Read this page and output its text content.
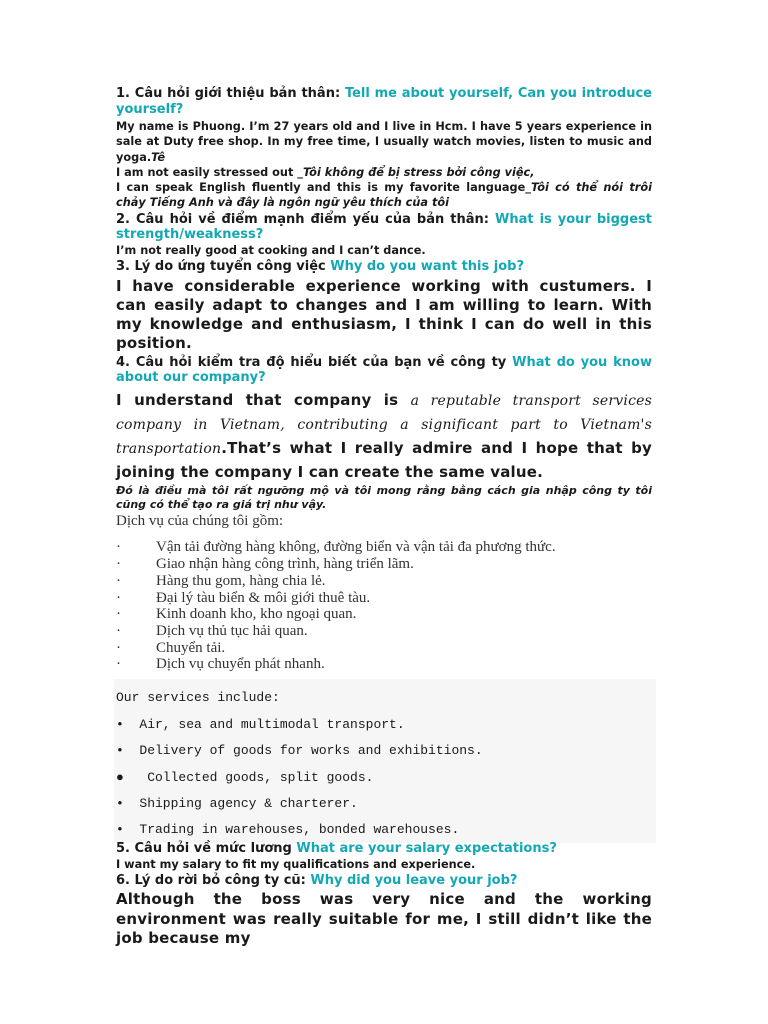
1. Câu hỏi giới thiệu bản thân: Tell me about yourself, Can you introduce yourself?

My name is Phuong. I’m 27 years old and I live in Hcm. I have 5 years experience in sale at Duty free shop. In my free time, I usually watch movies, listen to music and yoga.Tê

I am not easily stressed out _Tôi không để bị stress bởi công việc,

I can speak English fluently and this is my favorite language_Tôi có thể nói trôi chảy Tiếng Anh và đây là ngôn ngữ yêu thích của tôi

2. Câu hỏi về điểm mạnh điểm yếu của bản thân: What is your biggest strength/weakness?

I’m not really good at cooking and I can’t dance.

3. Lý do ứng tuyển công việc Why do you want this job?

I have considerable experience working with custumers. I can easily adapt to changes and I am willing to learn. With my knowledge and enthusiasm, I think I can do well in this position.

4. Câu hỏi kiểm tra độ hiểu biết của bạn về công ty What do you know about our company?

I understand that company is a reputable transport services company in Vietnam, contributing a significant part to Vietnam's transportation.That’s what I really admire and I hope that by joining the company I can create the same value.

Đó là điều mà tôi rất ngưỡng mộ và tôi mong rằng bằng cách gia nhập công ty tôi cũng có thể tạo ra giá trị như vậy.

Dịch vụ của chúng tôi gồm:

·	Vận tải đường hàng không, đường biển và vận tải đa phương thức.
·	Giao nhận hàng công trình, hàng triển lãm.
·	Hàng thu gom, hàng chia lẻ.
·	Đại lý tàu biển & môi giới thuê tàu.
·	Kinh doanh kho, kho ngoại quan.
·	Dịch vụ thủ tục hải quan.
·	Chuyển tải.
·	Dịch vụ chuyển phát nhanh.
Our services include:
•  Air, sea and multimodal transport.
•  Delivery of goods for works and exhibitions.
●   Collected goods, split goods.
•  Shipping agency & charterer.
•  Trading in warehouses, bonded warehouses.

5. Câu hỏi về mức lương What are your salary expectations?

I want my salary to fit my qualifications and experience.

6. Lý do rời bỏ công ty cũ: Why did you leave your job?

Although the boss was very nice and the working environment was really suitable for me, I still didn’t like the job because my
